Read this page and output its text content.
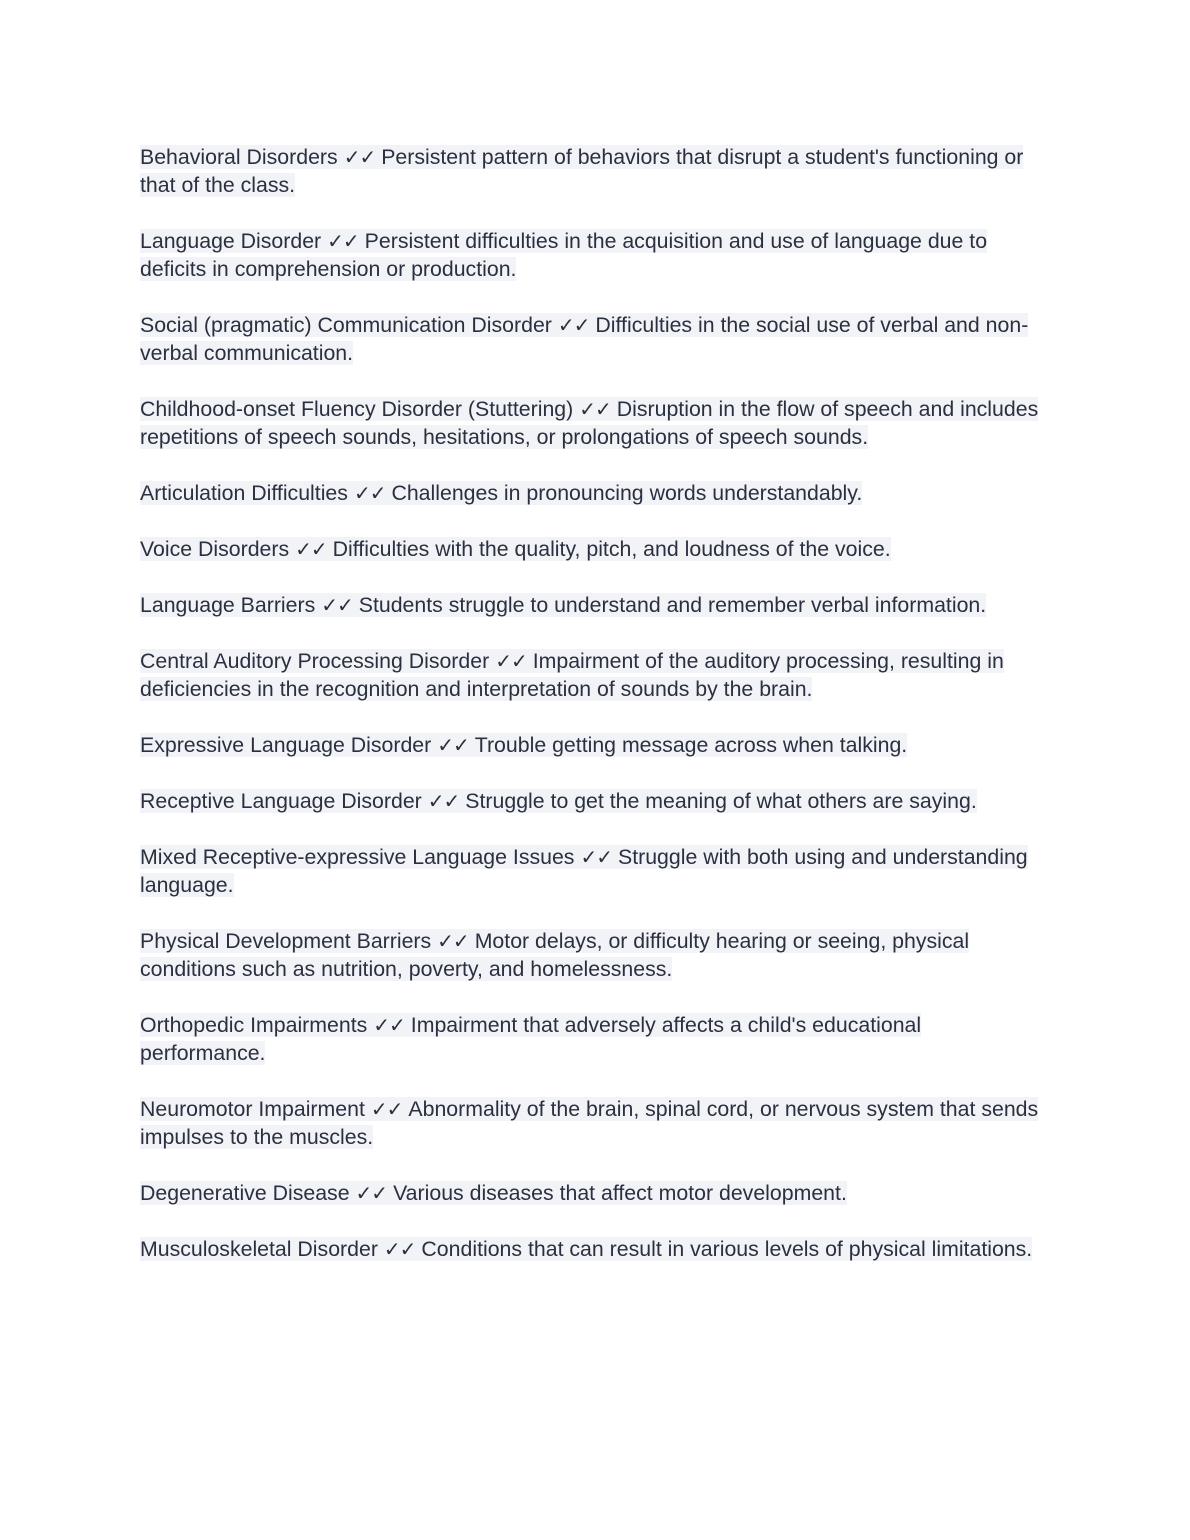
Behavioral Disorders ✓✓ Persistent pattern of behaviors that disrupt a student's functioning or that of the class.

Language Disorder ✓✓ Persistent difficulties in the acquisition and use of language due to deficits in comprehension or production.

Social (pragmatic) Communication Disorder ✓✓ Difficulties in the social use of verbal and non-verbal communication.

Childhood-onset Fluency Disorder (Stuttering) ✓✓ Disruption in the flow of speech and includes repetitions of speech sounds, hesitations, or prolongations of speech sounds.

Articulation Difficulties ✓✓ Challenges in pronouncing words understandably.

Voice Disorders ✓✓ Difficulties with the quality, pitch, and loudness of the voice.

Language Barriers ✓✓ Students struggle to understand and remember verbal information.

Central Auditory Processing Disorder ✓✓ Impairment of the auditory processing, resulting in deficiencies in the recognition and interpretation of sounds by the brain.

Expressive Language Disorder ✓✓ Trouble getting message across when talking.

Receptive Language Disorder ✓✓ Struggle to get the meaning of what others are saying.

Mixed Receptive-expressive Language Issues ✓✓ Struggle with both using and understanding language.

Physical Development Barriers ✓✓ Motor delays, or difficulty hearing or seeing, physical conditions such as nutrition, poverty, and homelessness.

Orthopedic Impairments ✓✓ Impairment that adversely affects a child's educational performance.

Neuromotor Impairment ✓✓ Abnormality of the brain, spinal cord, or nervous system that sends impulses to the muscles.

Degenerative Disease ✓✓ Various diseases that affect motor development.

Musculoskeletal Disorder ✓✓ Conditions that can result in various levels of physical limitations.
